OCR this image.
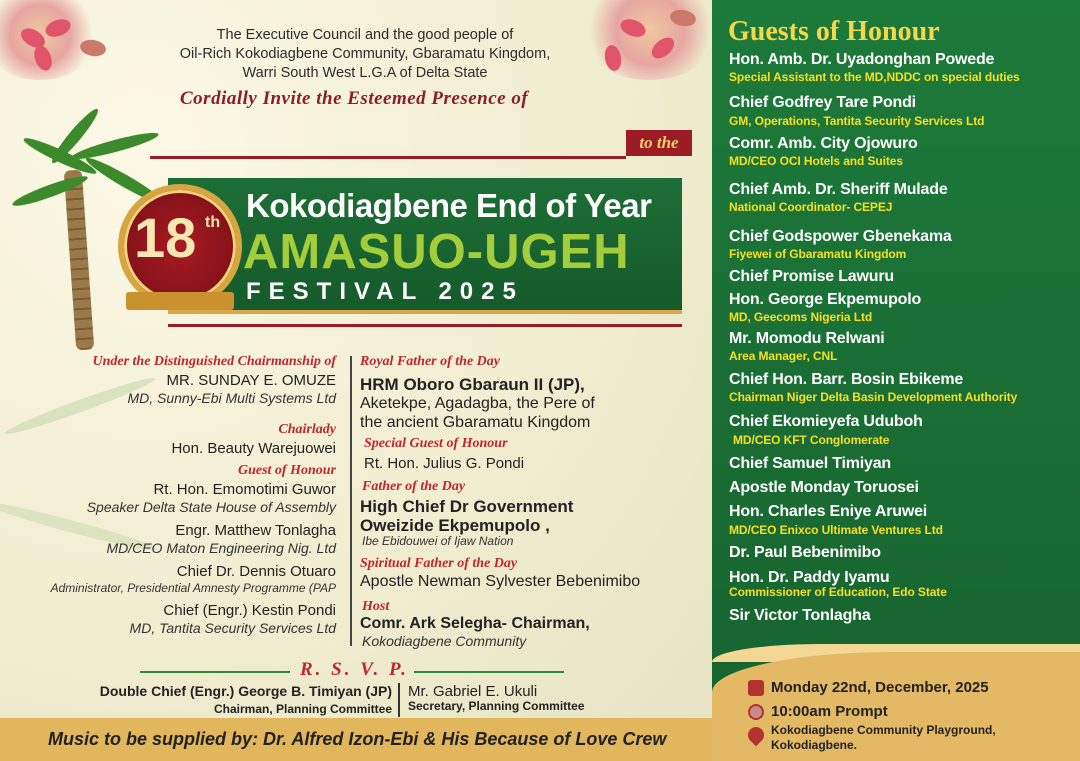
The Executive Council and the good people of
Oil-Rich Kokodiagbene Community, Gbaramatu Kingdom,
Warri South West L.G.A of Delta State
Cordially Invite the Esteemed Presence of
to the
18 th Kokodiagbene End of Year
AMASUO-UGEH
FESTIVAL 2025
Under the Distinguished Chairmanship of
MR. SUNDAY E. OMUZE
MD, Sunny-Ebi Multi Systems Ltd
Chairlady
Hon. Beauty Warejuowei
Guest of Honour
Rt. Hon. Emomotimi Guwor
Speaker Delta State House of Assembly
Engr. Matthew Tonlagha
MD/CEO Maton Engineering Nig. Ltd
Chief Dr. Dennis Otuaro
Administrator, Presidential Amnesty Programme (PAP
Chief (Engr.) Kestin Pondi
MD, Tantita Security Services Ltd
Royal Father of the Day
HRM Oboro Gbaraun II (JP),
Aketekpe, Agadagba, the Pere of
the ancient Gbaramatu Kingdom
Special Guest of Honour
Rt. Hon. Julius G. Pondi
Father of the Day
High Chief Dr Government
Oweizide Ekpemupolo ,
Ibe Ebidouwei of Ijaw Nation
Spiritual Father of the Day
Apostle Newman Sylvester Bebenimibo
Host
Comr. Ark Selegha- Chairman,
Kokodiagbene Community
R. S. V. P.
Double Chief (Engr.) George B. Timiyan (JP)
Chairman, Planning Committee
Mr. Gabriel E. Ukuli
Secretary, Planning Committee
Music to be supplied by: Dr. Alfred Izon-Ebi & His Because of Love Crew
Guests of Honour
Hon. Amb. Dr. Uyadonghan Powede
Special Assistant to the MD,NDDC on special duties
Chief Godfrey Tare Pondi
GM, Operations, Tantita Security Services Ltd
Comr. Amb. City Ojowuro
MD/CEO OCI Hotels and Suites
Chief Amb. Dr. Sheriff Mulade
National Coordinator- CEPEJ
Chief Godspower Gbenekama
Fiyewei of Gbaramatu Kingdom
Chief Promise Lawuru
Hon. George Ekpemupolo
MD, Geecoms Nigeria Ltd
Mr. Momodu Relwani
Area Manager, CNL
Chief Hon. Barr. Bosin Ebikeme
Chairman Niger Delta Basin Development Authority
Chief Ekomieyefa Uduboh
MD/CEO KFT Conglomerate
Chief Samuel Timiyan
Apostle Monday Toruosei
Hon. Charles Eniye Aruwei
MD/CEO Enixco Ultimate Ventures Ltd
Dr. Paul Bebenimibo
Hon. Dr. Paddy Iyamu
Commissioner of Education, Edo State
Sir Victor Tonlagha
Monday 22nd, December, 2025
10:00am Prompt
Kokodiagbene Community Playground,
Kokodiagbene.
